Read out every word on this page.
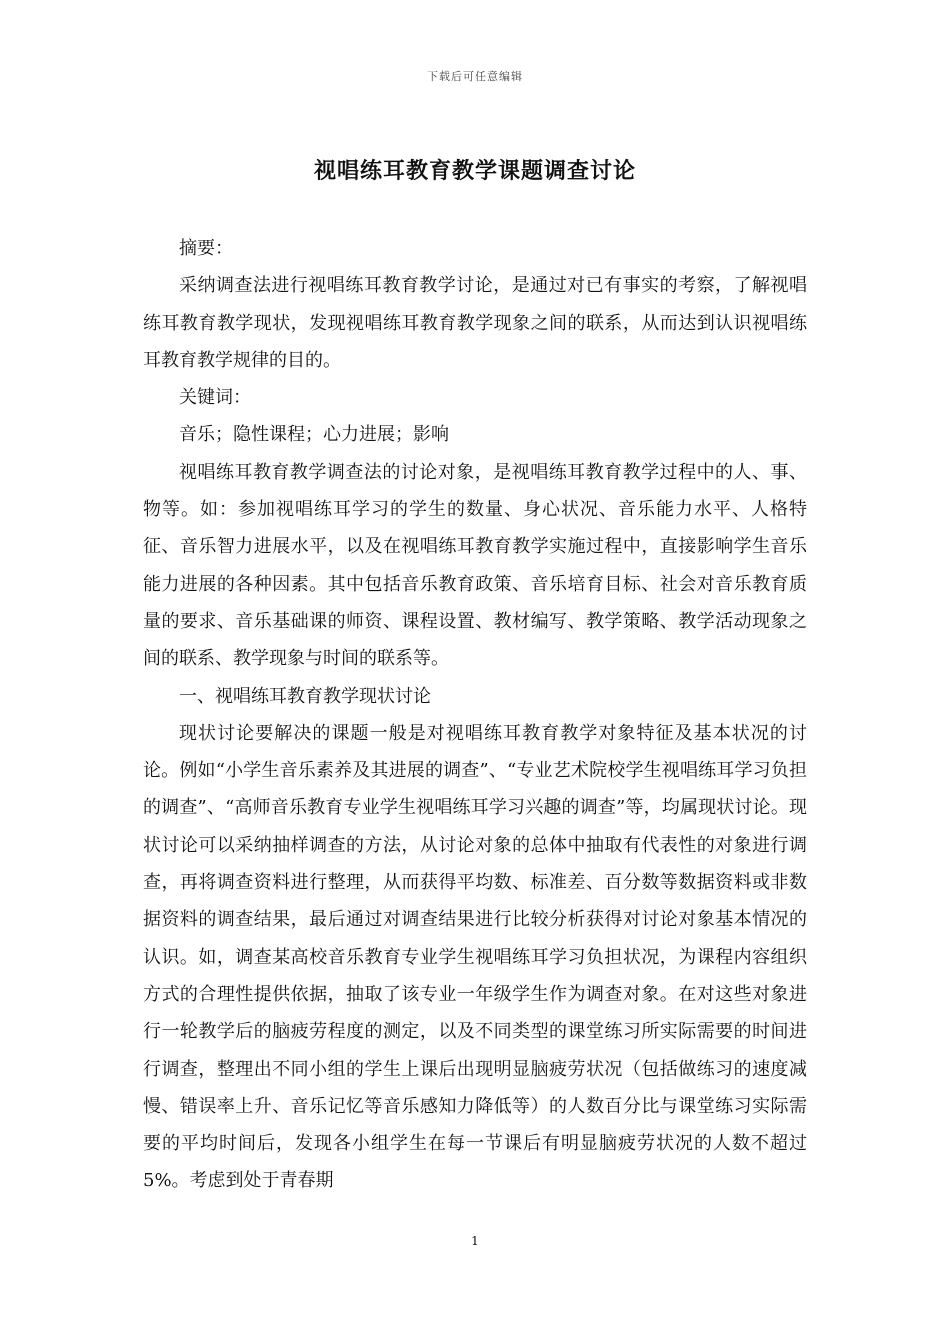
下载后可任意编辑
视唱练耳教育教学课题调查讨论

摘要：

采纳调查法进行视唱练耳教育教学讨论，是通过对已有事实的考察，了解视唱练耳教育教学现状，发现视唱练耳教育教学现象之间的联系，从而达到认识视唱练耳教育教学规律的目的。

关键词：

音乐；隐性课程；心力进展；影响

视唱练耳教育教学调查法的讨论对象，是视唱练耳教育教学过程中的人、事、物等。如：参加视唱练耳学习的学生的数量、身心状况、音乐能力水平、人格特征、音乐智力进展水平，以及在视唱练耳教育教学实施过程中，直接影响学生音乐能力进展的各种因素。其中包括音乐教育政策、音乐培育目标、社会对音乐教育质量的要求、音乐基础课的师资、课程设置、教材编写、教学策略、教学活动现象之间的联系、教学现象与时间的联系等。

一、视唱练耳教育教学现状讨论

现状讨论要解决的课题一般是对视唱练耳教育教学对象特征及基本状况的讨论。例如“小学生音乐素养及其进展的调查”、“专业艺术院校学生视唱练耳学习负担的调查”、“高师音乐教育专业学生视唱练耳学习兴趣的调查”等，均属现状讨论。现状讨论可以采纳抽样调查的方法，从讨论对象的总体中抽取有代表性的对象进行调查，再将调查资料进行整理，从而获得平均数、标准差、百分数等数据资料或非数据资料的调查结果，最后通过对调查结果进行比较分析获得对讨论对象基本情况的认识。如，调查某高校音乐教育专业学生视唱练耳学习负担状况，为课程内容组织方式的合理性提供依据，抽取了该专业一年级学生作为调查对象。在对这些对象进行一轮教学后的脑疲劳程度的测定，以及不同类型的课堂练习所实际需要的时间进行调查，整理出不同小组的学生上课后出现明显脑疲劳状况（包括做练习的速度减慢、错误率上升、音乐记忆等音乐感知力降低等）的人数百分比与课堂练习实际需要的平均时间后，发现各小组学生在每一节课后有明显脑疲劳状况的人数不超过 5%。考虑到处于青春期

1
